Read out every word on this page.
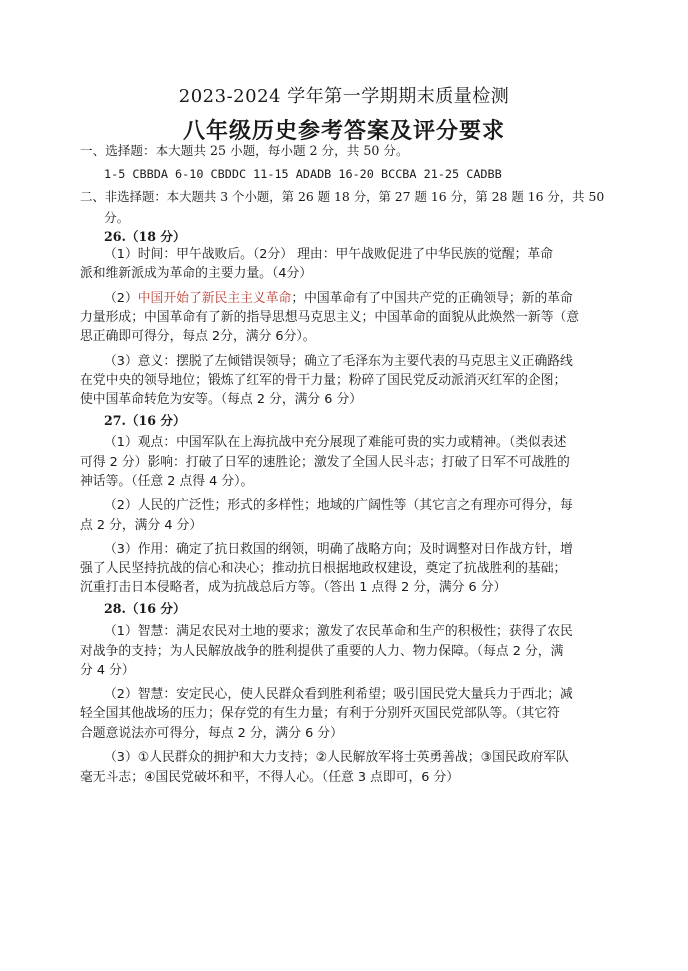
2023-2024 学年第一学期期末质量检测
八年级历史参考答案及评分要求
一、选择题：本大题共 25 小题，每小题 2 分，共 50 分。
1-5 CBBDA 6-10 CBDDC 11-15 ADADB 16-20 BCCBA 21-25 CADBB
二、非选择题：本大题共 3 个小题，第 26 题 18 分，第 27 题 16 分，第 28 题 16 分，共 50
分。
26.（18 分）
（1）时间：甲午战败后。（2分） 理由：甲午战败促进了中华民族的觉醒；革命
派和维新派成为革命的主要力量。（4分）
（2）中国开始了新民主主义革命；中国革命有了中国共产党的正确领导；新的革命
力量形成；中国革命有了新的指导思想马克思主义；中国革命的面貌从此焕然一新等（意
思正确即可得分，每点 2分，满分 6分）。
（3）意义：摆脱了左倾错误领导；确立了毛泽东为主要代表的马克思主义正确路线
在党中央的领导地位；锻炼了红军的骨干力量；粉碎了国民党反动派消灭红军的企图；
使中国革命转危为安等。（每点 2 分，满分 6 分）
27.（16 分）
（1）观点：中国军队在上海抗战中充分展现了难能可贵的实力或精神。（类似表述
可得 2 分）影响：打破了日军的速胜论；激发了全国人民斗志；打破了日军不可战胜的
神话等。（任意 2 点得 4 分）。
（2）人民的广泛性；形式的多样性；地域的广阔性等（其它言之有理亦可得分，每
点 2 分，满分 4 分）
（3）作用：确定了抗日救国的纲领，明确了战略方向；及时调整对日作战方针，增
强了人民坚持抗战的信心和决心；推动抗日根据地政权建设，奠定了抗战胜利的基础；
沉重打击日本侵略者，成为抗战总后方等。（答出 1 点得 2 分，满分 6 分）
28.（16 分）
（1）智慧：满足农民对土地的要求；激发了农民革命和生产的积极性；获得了农民
对战争的支持；为人民解放战争的胜利提供了重要的人力、物力保障。（每点 2 分，满
分 4 分）
（2）智慧：安定民心，使人民群众看到胜利希望；吸引国民党大量兵力于西北；减
轻全国其他战场的压力；保存党的有生力量；有利于分别歼灭国民党部队等。（其它符
合题意说法亦可得分，每点 2 分，满分 6 分）
（3）①人民群众的拥护和大力支持；②人民解放军将士英勇善战；③国民政府军队
毫无斗志；④国民党破坏和平，不得人心。（任意 3 点即可，6 分）
